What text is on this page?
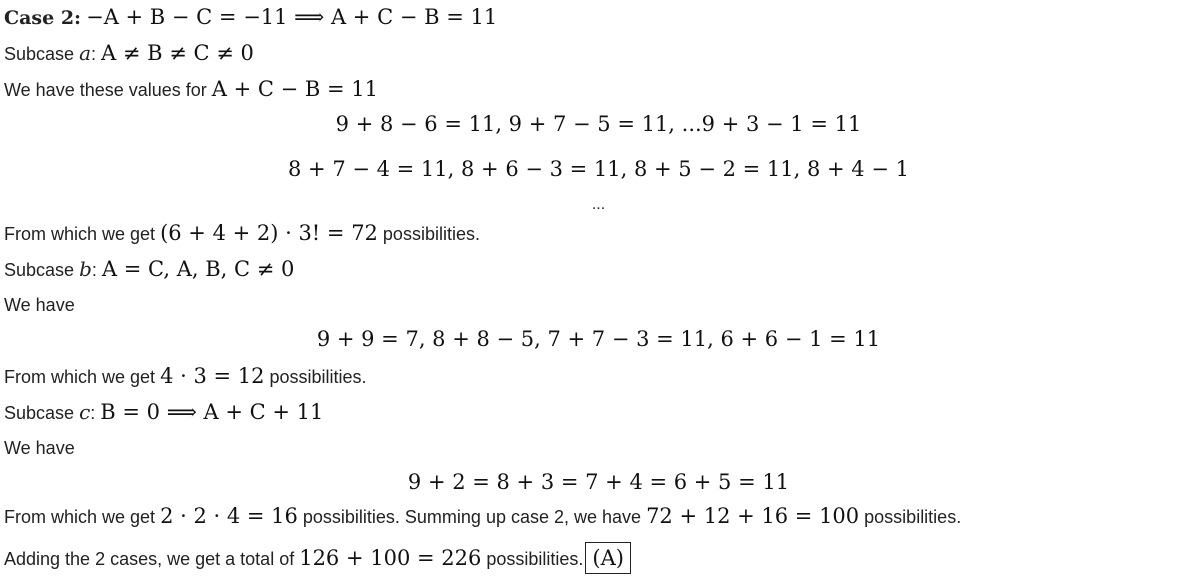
Case 2: −A + B − C = −11 ⟹ A + C − B = 11
Subcase a: A ≠ B ≠ C ≠ 0
We have these values for A + C − B = 11
9 + 8 − 6 = 11, 9 + 7 − 5 = 11, ...9 + 3 − 1 = 11
8 + 7 − 4 = 11, 8 + 6 − 3 = 11, 8 + 5 − 2 = 11, 8 + 4 − 1
...
From which we get (6 + 4 + 2) · 3! = 72 possibilities.
Subcase b: A = C, A, B, C ≠ 0
We have
9 + 9 = 7, 8 + 8 − 5, 7 + 7 − 3 = 11, 6 + 6 − 1 = 11
From which we get 4 · 3 = 12 possibilities.
Subcase c: B = 0 ⟹ A + C + 11
We have
9 + 2 = 8 + 3 = 7 + 4 = 6 + 5 = 11
From which we get 2 · 2 · 4 = 16 possibilities. Summing up case 2, we have 72 + 12 + 16 = 100 possibilities.
Adding the 2 cases, we get a total of 126 + 100 = 226 possibilities. (A)
